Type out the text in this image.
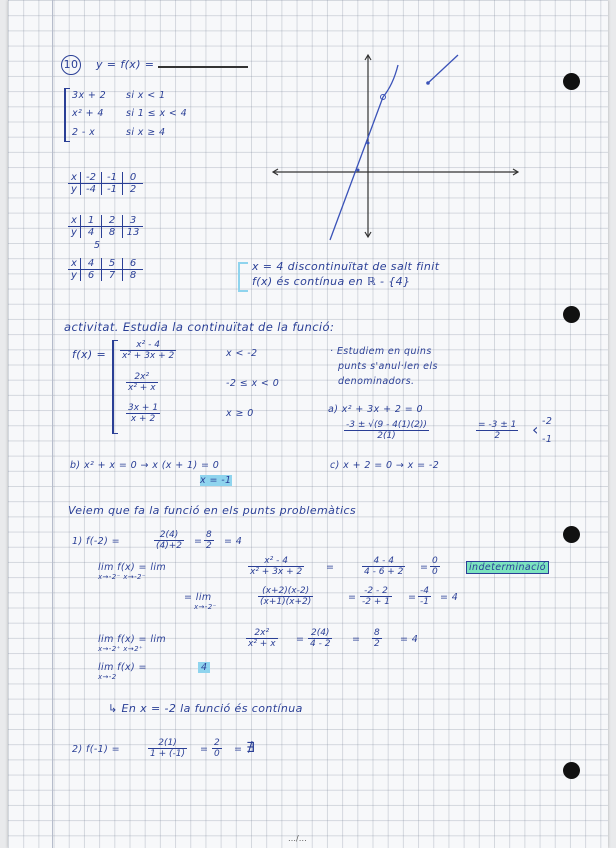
10 y = f(x) =
3x + 2 si x < 1
x² + 4 si 1 ≤ x < 4
2 - x	si x ≥ 4
x -2	-1	0
y -4	-1	2
x	1	2	3
y	4	8	13
5
x	4	5	6
y	6	7	8
x = 4 discontinuïtat de salt finit
f(x) és contínua en ℝ - {4}
activitat. Estudia la continuïtat de la funció:
$f(x) = \frac{\text{x² - 4}}{\text{x² + 3x + 2}}$	x < -2
$\frac{\text{2x²}}{\text{x² + x}}$	-2 ≤ x < 0
$\frac{3x + 1}{x + 2}$	x ≥ 0
· Estudiem en quins
punts s'anul·len els
denominadors.
a) x² + 3x + 2 = 0
$\frac{-3 \pm √(9 - 4(1)(2))}{2(1)}$	$\frac{= -3 \pm 1}{2}$ ‹ -2
-1
b) x² + x = 0 → x (x + 1) = 0
x = -1
c) x + 2 = 0 → x = -2
Veiem que fa la funció en els punts problemàtics
1) f(-2) =	$\frac{2(4)}{(4)+2} = \frac{8}{2} = 4$
lim f(x) = lim
x→-2⁻ x→-2⁻	$\frac{\text{x² - 4}}{\text{x² + 3x + 2}}$ =	$\frac{4 - 4}{4 - 6 + 2} = \frac{0}{0}$	indeterminació
= lim
x→-2⁻	$\frac{(x+2)(x-2)}{(x+1)(x+2)}$	= $\frac{-2 - 2}{-2 + 1} = \frac{-4}{-1} = 4$
lim f(x) = lim
x→-2⁺ x→2⁺	$\frac{\text{2x²}}{\text{x² + x}} = \frac{2(4)}{4 - 2} = \frac{8}{2} = 4$
lim f(x) =
x→-2
4
↳ En x = -2 la funció és contínua
2) f(-1) =	$\frac{2(1)}{1 + (-1)} = \frac{2}{0}$ = ∄
…/…
